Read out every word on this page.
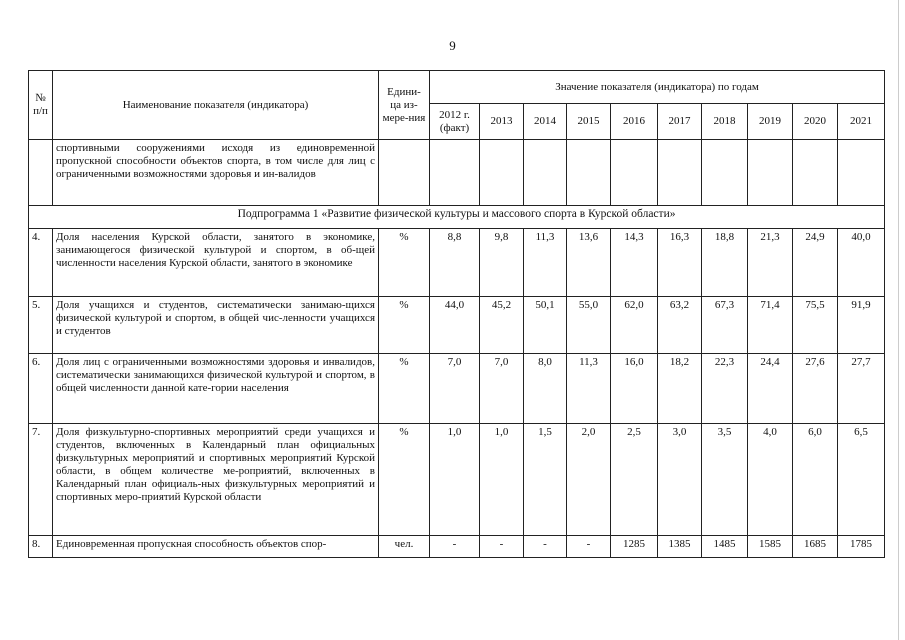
9
№ п/п	Наименование показателя (индикатора)	Едини-ца из-мере-ния	Значение показателя (индикатора) по годам									
			2012 г. (факт)	2013	2014	2015	2016	2017	2018	2019	2020	2021
	спортивными сооружениями исходя из единовременной пропускной способности объектов спорта, в том числе для лиц с ограниченными возможностями здоровья и ин-валидов											
Подпрограмма 1 «Развитие физической культуры и массового спорта в Курской области»												
4.	Доля населения Курской области, занятого в экономике, занимающегося физической культурой и спортом, в об-щей численности населения Курской области, занятого в экономике	%	8,8	9,8	11,3	13,6	14,3	16,3	18,8	21,3	24,9	40,0
5.	Доля учащихся и студентов, систематически занимаю-щихся физической культурой и спортом, в общей чис-ленности учащихся и студентов	%	44,0	45,2	50,1	55,0	62,0	63,2	67,3	71,4	75,5	91,9
6.	Доля лиц с ограниченными возможностями здоровья и инвалидов, систематически занимающихся физической культурой и спортом, в общей численности данной кате-гории населения	%	7,0	7,0	8,0	11,3	16,0	18,2	22,3	24,4	27,6	27,7
7.	Доля физкультурно-спортивных мероприятий среди учащихся и студентов, включенных в Календарный план официальных физкультурных мероприятий и спортивных мероприятий Курской области, в общем количестве ме-роприятий, включенных в Календарный план официаль-ных физкультурных мероприятий и спортивных меро-приятий Курской области	%	1,0	1,0	1,5	2,0	2,5	3,0	3,5	4,0	6,0	6,5
8.	Единовременная пропускная способность объектов спор-	чел.	-	-	-	-	1285	1385	1485	1585	1685	1785
